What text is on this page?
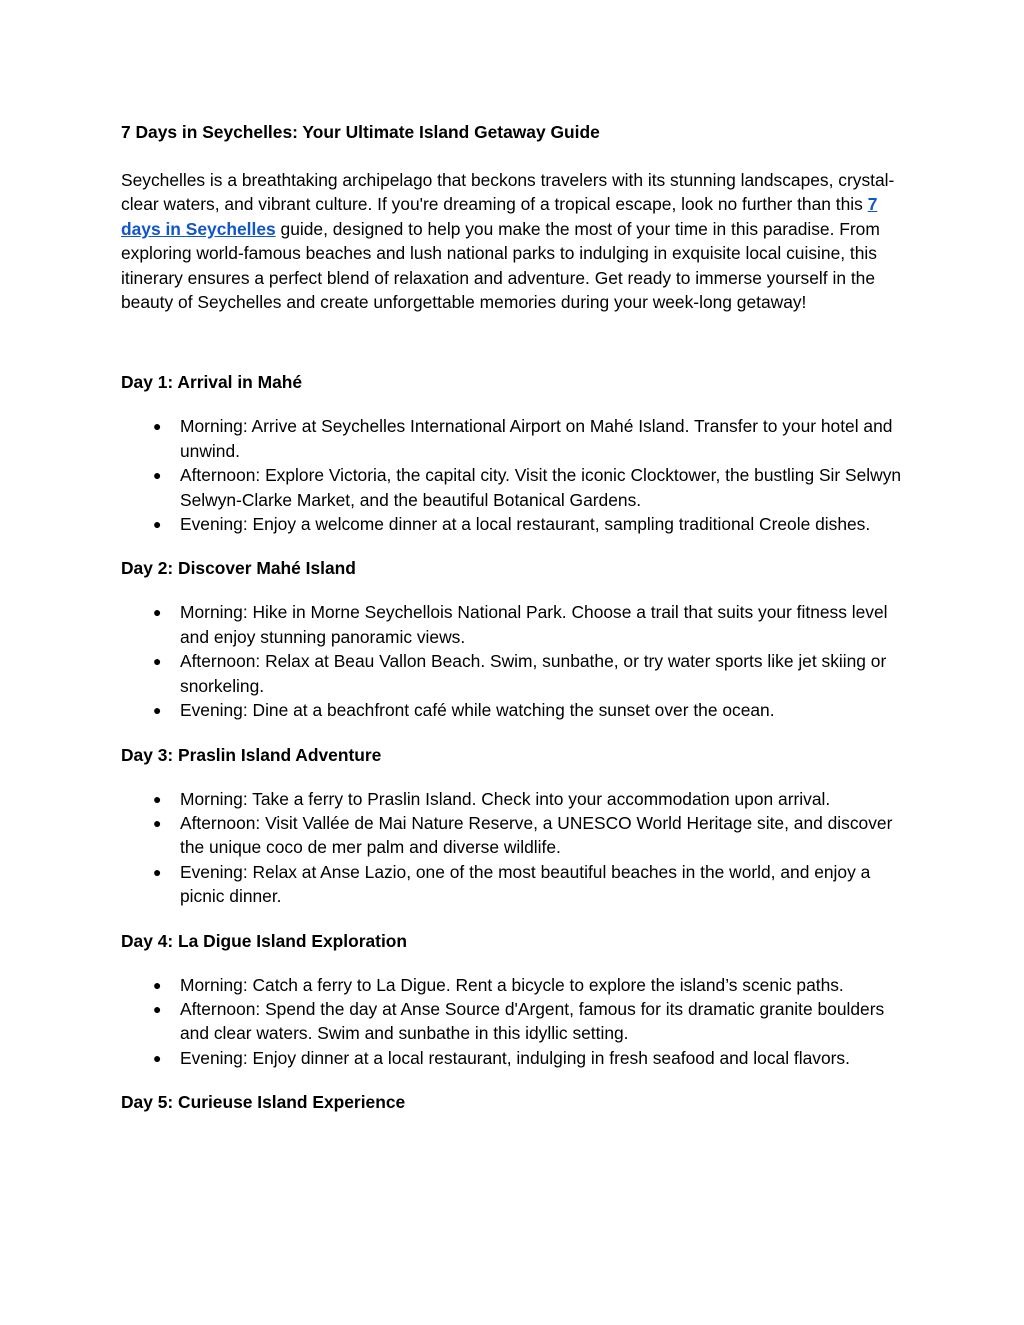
7 Days in Seychelles: Your Ultimate Island Getaway Guide

Seychelles is a breathtaking archipelago that beckons travelers with its stunning landscapes, crystal-clear waters, and vibrant culture. If you're dreaming of a tropical escape, look no further than this 7 days in Seychelles guide, designed to help you make the most of your time in this paradise. From exploring world-famous beaches and lush national parks to indulging in exquisite local cuisine, this itinerary ensures a perfect blend of relaxation and adventure. Get ready to immerse yourself in the beauty of Seychelles and create unforgettable memories during your week-long getaway!

Day 1: Arrival in Mahé
● Morning: Arrive at Seychelles International Airport on Mahé Island. Transfer to your hotel and unwind.
● Afternoon: Explore Victoria, the capital city. Visit the iconic Clocktower, the bustling Sir Selwyn Selwyn-Clarke Market, and the beautiful Botanical Gardens.
● Evening: Enjoy a welcome dinner at a local restaurant, sampling traditional Creole dishes.
Day 2: Discover Mahé Island
● Morning: Hike in Morne Seychellois National Park. Choose a trail that suits your fitness level and enjoy stunning panoramic views.
● Afternoon: Relax at Beau Vallon Beach. Swim, sunbathe, or try water sports like jet skiing or snorkeling.
● Evening: Dine at a beachfront café while watching the sunset over the ocean.
Day 3: Praslin Island Adventure
● Morning: Take a ferry to Praslin Island. Check into your accommodation upon arrival.
● Afternoon: Visit Vallée de Mai Nature Reserve, a UNESCO World Heritage site, and discover the unique coco de mer palm and diverse wildlife.
● Evening: Relax at Anse Lazio, one of the most beautiful beaches in the world, and enjoy a picnic dinner.
Day 4: La Digue Island Exploration
● Morning: Catch a ferry to La Digue. Rent a bicycle to explore the island’s scenic paths.
● Afternoon: Spend the day at Anse Source d'Argent, famous for its dramatic granite boulders and clear waters. Swim and sunbathe in this idyllic setting.
● Evening: Enjoy dinner at a local restaurant, indulging in fresh seafood and local flavors.
Day 5: Curieuse Island Experience
